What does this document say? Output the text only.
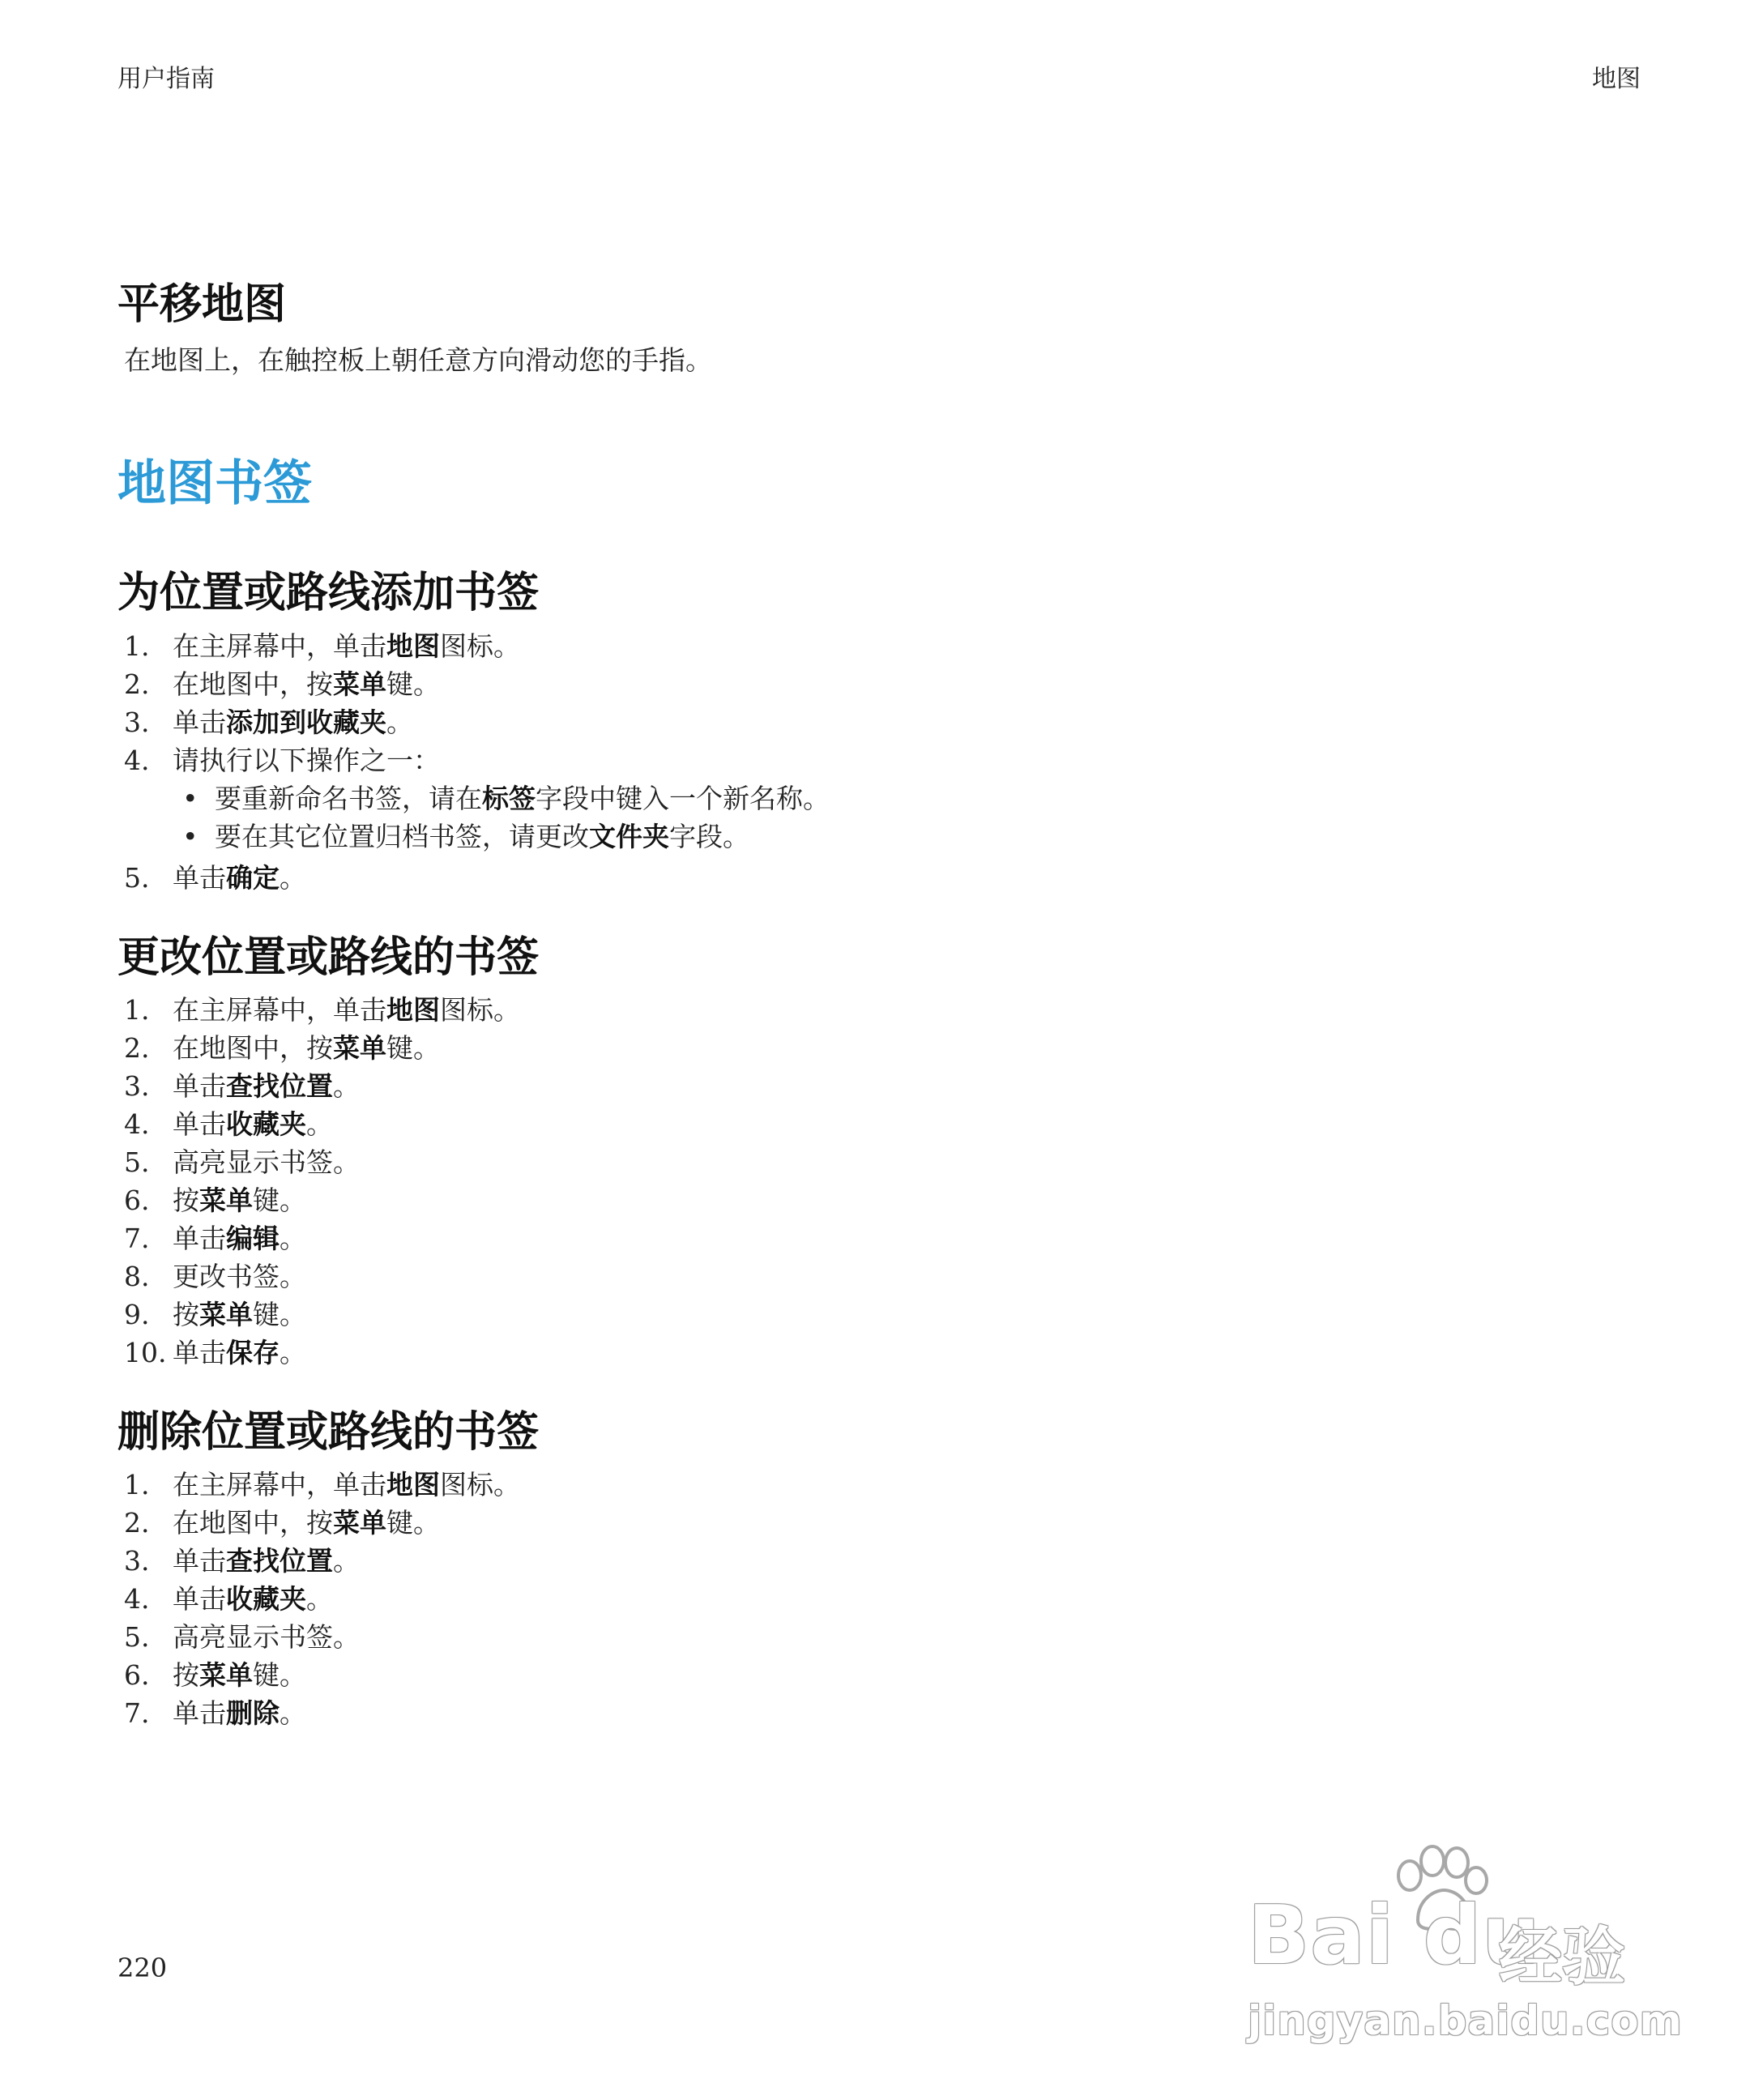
用户指南	地图
平移地图

在地图上，在触控板上朝任意方向滑动您的手指。

地图书签
为位置或路线添加书签
1. 在主屏幕中，单击地图图标。
2. 在地图中，按菜单键。
3. 单击添加到收藏夹。
4. 请执行以下操作之一：
• 要重新命名书签，请在标签字段中键入一个新名称。
• 要在其它位置归档书签，请更改文件夹字段。
5. 单击确定。
更改位置或路线的书签
1. 在主屏幕中，单击地图图标。
2. 在地图中，按菜单键。
3. 单击查找位置。
4. 单击收藏夹。
5. 高亮显示书签。
6. 按菜单键。
7. 单击编辑。
8. 更改书签。
9. 按菜单键。
10. 单击保存。
删除位置或路线的书签
1. 在主屏幕中，单击地图图标。
2. 在地图中，按菜单键。
3. 单击查找位置。
4. 单击收藏夹。
5. 高亮显示书签。
6. 按菜单键。
7. 单击删除。
220	Bai du
经验
jingyan.baidu.com
